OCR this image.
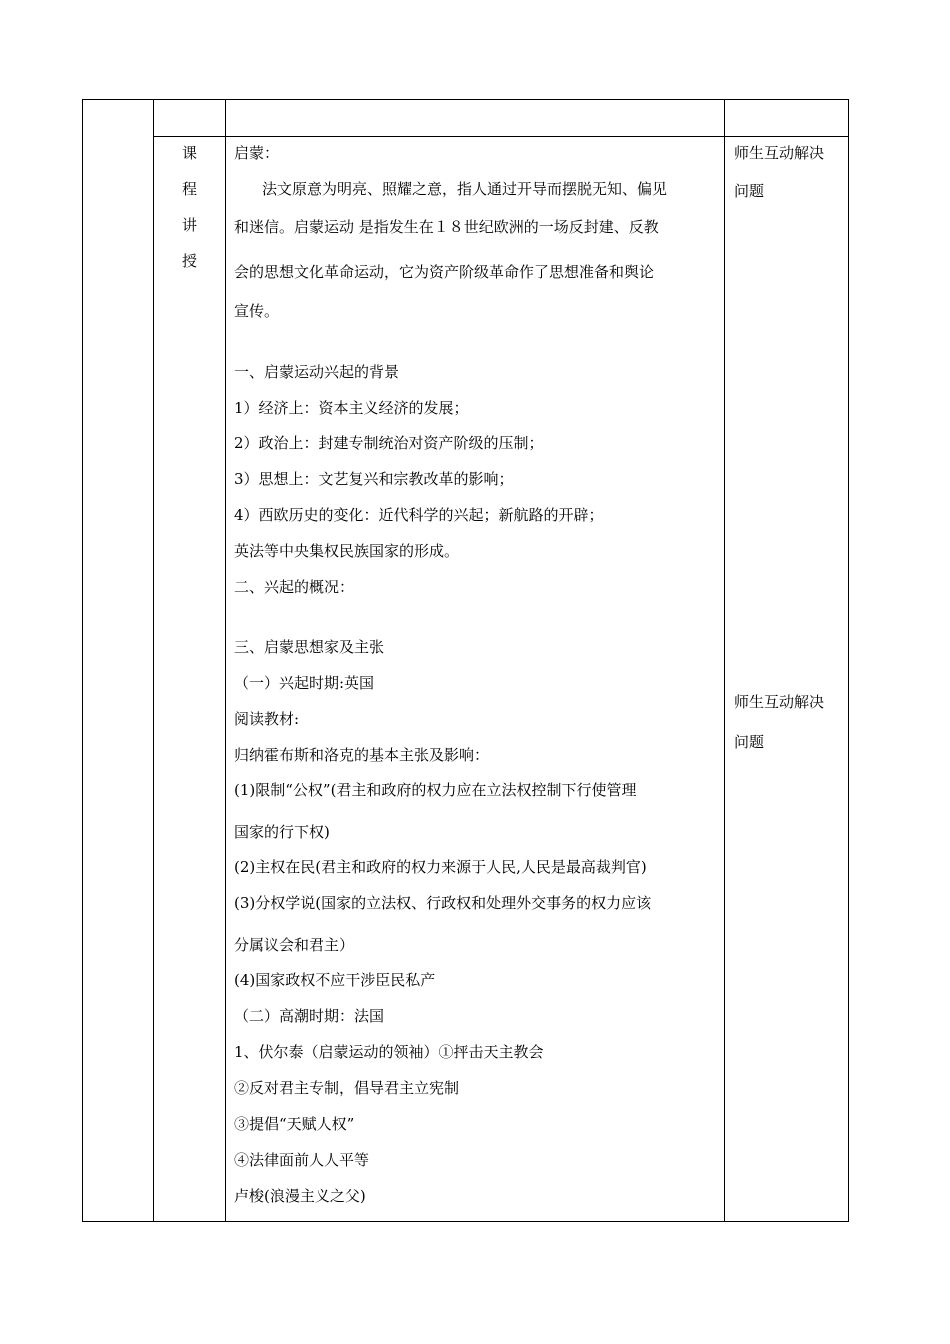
课
程
讲
授
启蒙：
法文原意为明亮、照耀之意，指人通过开导而摆脱无知、偏见
和迷信。启蒙运动 是指发生在１８世纪欧洲的一场反封建、反教
会的思想文化革命运动，它为资产阶级革命作了思想准备和舆论
宣传。
一、启蒙运动兴起的背景
1）经济上：资本主义经济的发展；
2）政治上：封建专制统治对资产阶级的压制；
3）思想上：文艺复兴和宗教改革的影响；
4）西欧历史的变化：近代科学的兴起；新航路的开辟；
英法等中央集权民族国家的形成。
二、兴起的概况：
三、启蒙思想家及主张
（一）兴起时期:英国
阅读教材:
归纳霍布斯和洛克的基本主张及影响：
(1)限制“公权”(君主和政府的权力应在立法权控制下行使管理
国家的行下权)
(2)主权在民(君主和政府的权力来源于人民,人民是最高裁判官)
(3)分权学说(国家的立法权、行政权和处理外交事务的权力应该
分属议会和君主）
(4)国家政权不应干涉臣民私产
（二）高潮时期：法国
1、伏尔泰（启蒙运动的领袖）①抨击天主教会
②反对君主专制，倡导君主立宪制
③提倡“天赋人权”
④法律面前人人平等
卢梭(浪漫主义之父)
师生互动解决
问题
师生互动解决
问题
